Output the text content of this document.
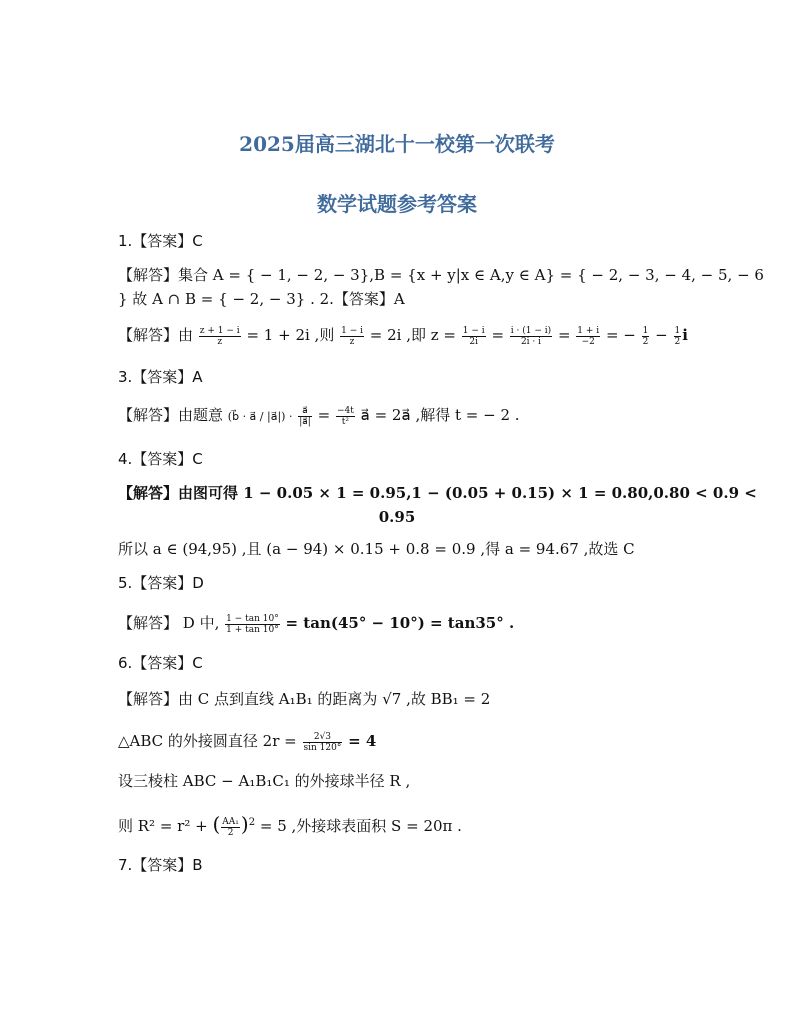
2025届高三湖北十一校第一次联考
数学试题参考答案
1.【答案】C
【解答】集合 A = { − 1, − 2, − 3},B = {x + y|x ∈ A,y ∈ A} = { − 2, − 3, − 4, − 5, − 6
} 故 A ∩ B = { − 2, − 3} . 2.【答案】A
【解答】由 $\frac{z + 1 - i}{z} = 1 + 2i$ ,则 $\frac{1 - i}{z} = 2i$ ,即 $z = \frac{1 - i}{2i} = \frac{i \cdot (1 - i)}{2i \cdot i} = \frac{1 + i}{-2}$ = − $\frac{1}{2} - \frac{1}{2}$ i
3.【答案】A
【解答】由题意 (b⃗ · a⃗ / |a⃗|) · $\frac{a⃗}{|a⃗|} = \frac{-4t}{\text{t²}}$ a⃗ = 2a⃗ ,解得 t = − 2 .
4.【答案】C
【解答】由图可得 1 − 0.05 × 1 = 0.95,1 − (0.05 + 0.15) × 1 = 0.80,0.80 < 0.9 <
0.95
所以 a ∈ (94,95) ,且 (a − 94) × 0.15 + 0.8 = 0.9 ,得 a = 94.67 ,故选 C
5.【答案】D
【解答】 D 中, $\frac{1 - \tan 10^\circ}{1 + \tan 10^\circ} = \tan(45^\circ - 10^\circ) = \tan 35^\circ$ .
6.【答案】C
【解答】由 C 点到直线 A₁B₁ 的距离为 √7 ,故 BB₁ = 2
△ABC 的外接圆直径 $2r = \frac{2√3}{\sin 120^\circ} = 4$
设三棱柱 ABC − A₁B₁C₁ 的外接球半径 R ,
则 R² = r² + ( $\frac{\text{AA₁}}{2} )^2 = 5$ ,外接球表面积 S = 20π .
7.【答案】B
